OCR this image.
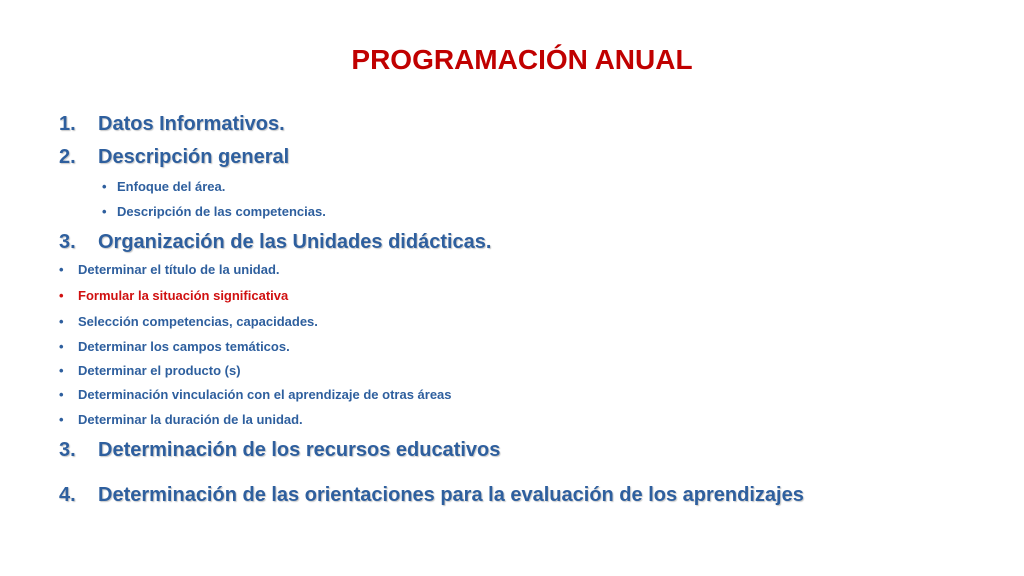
PROGRAMACIÓN ANUAL
1. Datos Informativos.
2. Descripción general
• Enfoque del área.
• Descripción de las competencias.
3. Organización de las Unidades didácticas.
• Determinar el título de la unidad.
• Formular la situación significativa
• Selección competencias, capacidades.
• Determinar los campos temáticos.
• Determinar el producto (s)
• Determinación vinculación con el aprendizaje de otras áreas
• Determinar la duración de la unidad.
3. Determinación de los recursos educativos
4. Determinación de las orientaciones para la evaluación de los aprendizajes
